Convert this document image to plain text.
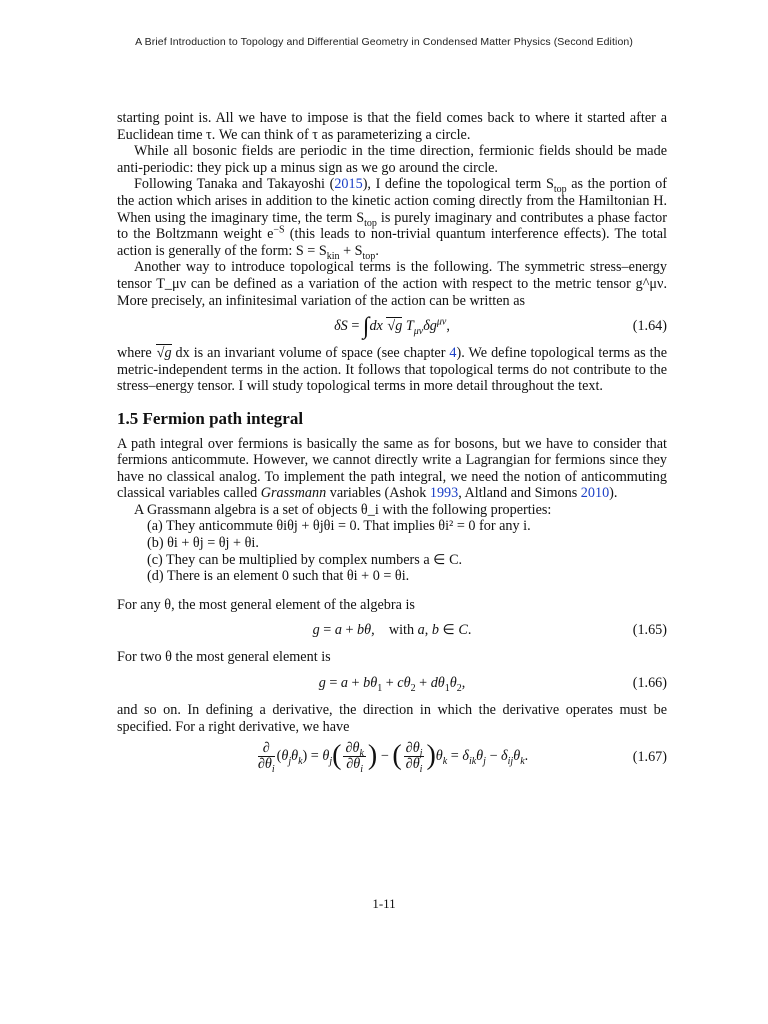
A Brief Introduction to Topology and Differential Geometry in Condensed Matter Physics (Second Edition)

starting point is. All we have to impose is that the field comes back to where it started after a Euclidean time τ. We can think of τ as parameterizing a circle.

While all bosonic fields are periodic in the time direction, fermionic fields should be made anti-periodic: they pick up a minus sign as we go around the circle.

Following Tanaka and Takayoshi (2015), I define the topological term $S_{top}$ as the portion of the action which arises in addition to the kinetic action coming directly from the Hamiltonian H. When using the imaginary time, the term $S_{top}$ is purely imaginary and contributes a phase factor to the Boltzmann weight $e^{-S}$ (this leads to non-trivial quantum interference effects). The total action is generally of the form: $S = S_{kin} + S_{top}$.

Another way to introduce topological terms is the following. The symmetric stress–energy tensor T_μν can be defined as a variation of the action with respect to the metric tensor g^μν. More precisely, an infinitesimal variation of the action can be written as

δS = ∫dx √g $T_{\mu\nu}\delta g^{\mu\nu}$,	(1.64)

where √g dx is an invariant volume of space (see chapter 4). We define topological terms as the metric-independent terms in the action. It follows that topological terms do not contribute to the stress–energy tensor. I will study topological terms in more detail throughout the text.

1.5 Fermion path integral

A path integral over fermions is basically the same as for bosons, but we have to consider that fermions anticommute. However, we cannot directly write a Lagrangian for fermions since they have no classical analog. To implement the path integral, we need the notion of anticommuting classical variables called Grassmann variables (Ashok 1993, Altland and Simons 2010).

A Grassmann algebra is a set of objects θ_i with the following properties:

(a) They anticommute θiθj + θjθi = 0. That implies θi² = 0 for any i.
(b) θi + θj = θj + θi.
(c) They can be multiplied by complex numbers a ∈ C.
(d) There is an element 0 such that θi + 0 = θi.

For any θ, the most general element of the algebra is

g = a + bθ,    with a, b ∈ C.	(1.65)

For two θ the most general element is

$g = a + b\theta_1 + c\theta_2 + d\theta_1\theta_2$,	(1.66)

and so on. In defining a derivative, the direction in which the derivative operates must be specified. For a right derivative, we have

$\frac{\partial}{\partial\theta_i} (\theta_j\theta_k) = \theta_j( \frac{\partial\theta_k}{\partial\theta_i}$ ) − ( $\frac{\partial\theta_j}{\partial\theta_i} )\theta_k = \delta_{ik}\theta_j - \delta_{ij}\theta_k$.	(1.67)
1-11
